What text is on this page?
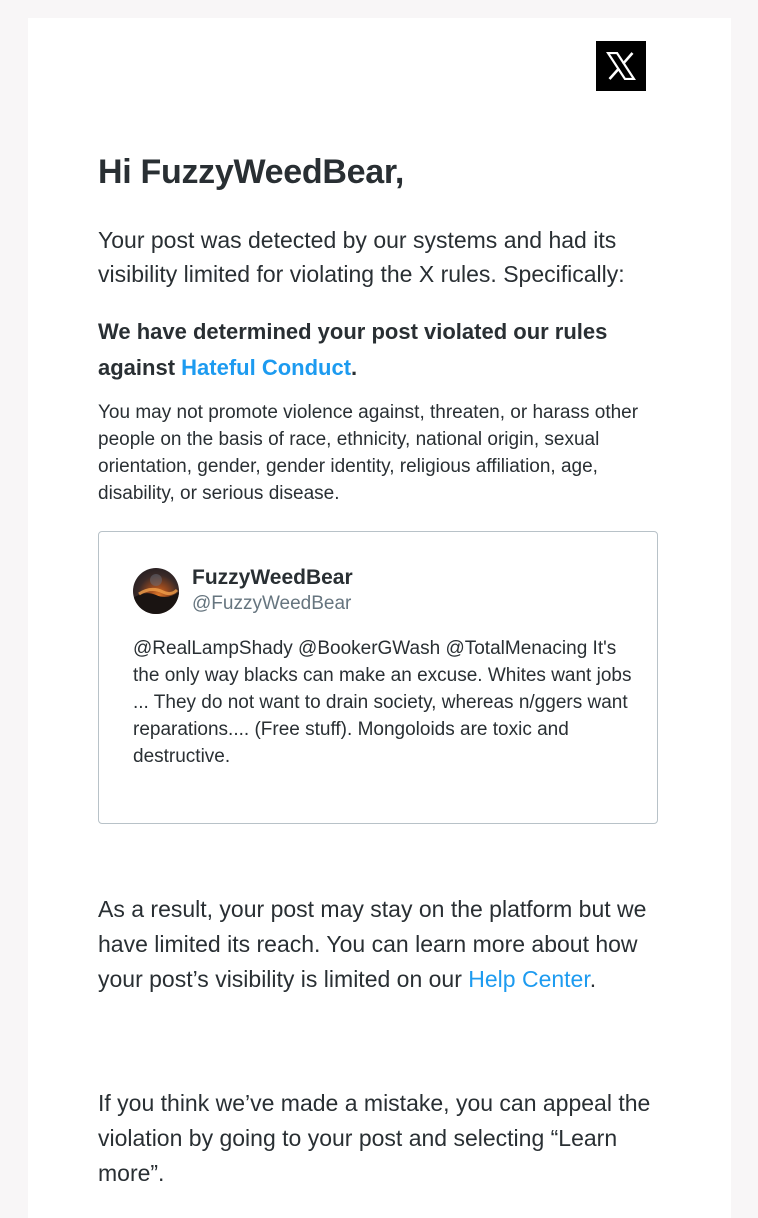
Hi FuzzyWeedBear,

Your post was detected by our systems and had its visibility limited for violating the X rules. Specifically:

We have determined your post violated our rules against Hateful Conduct.

You may not promote violence against, threaten, or harass other people on the basis of race, ethnicity, national origin, sexual orientation, gender, gender identity, religious affiliation, age, disability, or serious disease.

FuzzyWeedBear
@FuzzyWeedBear

@RealLampShady @BookerGWash @TotalMenacing It's the only way blacks can make an excuse. Whites want jobs ... They do not want to drain society, whereas n/ggers want reparations.... (Free stuff). Mongoloids are toxic and destructive.

As a result, your post may stay on the platform but we have limited its reach. You can learn more about how your post’s visibility is limited on our Help Center.

If you think we’ve made a mistake, you can appeal the violation by going to your post and selecting “Learn more”.
